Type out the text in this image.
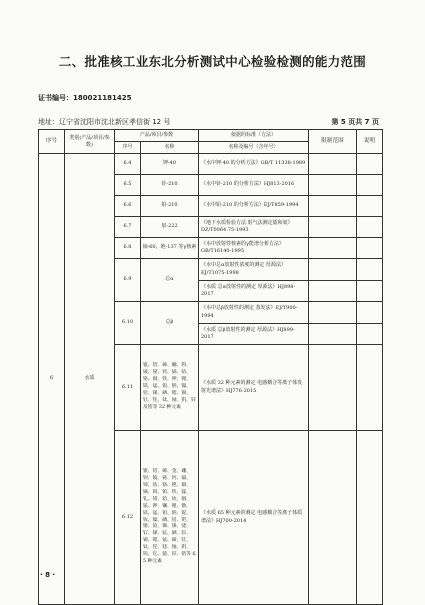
二、批准核工业东北分析测试中心检验检测的能力范围
证书编号：180021181425
地址：辽宁省沈阳市沈北新区孝信街 12 号	第 5 页共 7 页
序号	类别(产品/项目/参数)	产品/项目/参数		依据的标准（方法）	限制范围	说明
		序号	名称	名称及编号（含年号）		
6	水质	6.4	钾-40	《水中钾-40 的分析方法》GB/T 11338-1989		
		6.5	钋-210	《水中钋-210 的分析方法》HJ813-2016		
		6.6	铅-210	《水中铅-210 的分析方法》EJ/T859-1994		
		6.7	氡-222	《地下水质检验方法 射气法测定镭和氡》DZ/T0064.75-1993		
		6.8	铀-60、铯-137 等γ核素	《水中放射性核素的γ能谱分析方法》 GB/T16140-1995		
		6.9	总α	《水中总α放射性浓度的测定 厚源法》EJ/T1075-1998		
				《水质 总α放射性的测定 厚源法》HJ898-2017		
		6.10	总β	《水中总β放射性的测定 蒸发法》EJ/T900-1994		
				《水质 总β放射性的测定 厚源法》HJ899-2017		
		6.11	银、铝、砷、硼、钡、铍、铋、钙、镉、钴、铬、铜、铁、钾、锂、镁、锰、钼、钠、镍、铅、锑、硒、锶、锡、钍、铊、钛、铀、钒、锌及锆等 32 种元素	《水质 32 种元素的测定 电感耦合等离子体发射光谱法》HJ776-2015		
		6.12	银、铝、砷、金、硼、钡、铍、铋、钙、镉、铈、钴、铬、铯、铜、镝、铒、铕、铁、镓、钆、锗、铪、钬、铟、铱、钾、镧、锂、镥、镁、锰、钼、钠、铌、钕、镍、磷、铅、钯、镨、铂、铷、铼、铑、钌、锑、钪、硒、钐、锡、锶、铽、碲、钍、钛、铊、铥、铀、钒、钨、钇、镱、锌、锆等 65 种元素	《水质 65 种元素的测定 电感耦合等离子体质谱法》HJ700-2014		
· 8 ·
